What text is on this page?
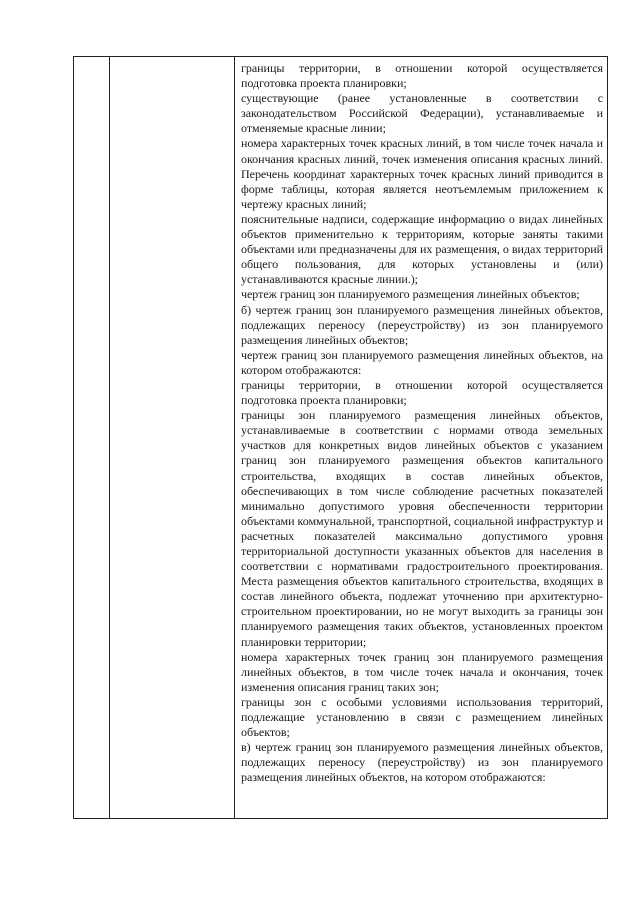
границы территории, в отношении которой осуществляется подготовка проекта планировки;

существующие (ранее установленные в соответствии с законодательством Российской Федерации), устанавливаемые и отменяемые красные линии;

номера характерных точек красных линий, в том числе точек начала и окончания красных линий, точек изменения описания красных линий. Перечень координат характерных точек красных линий приводится в форме таблицы, которая является неотъемлемым приложением к чертежу красных линий;

пояснительные надписи, содержащие информацию о видах линейных объектов применительно к территориям, которые заняты такими объектами или предназначены для их размещения, о видах территорий общего пользования, для которых установлены и (или) устанавливаются красные линии.);

чертеж границ зон планируемого размещения линейных объектов;

б) чертеж границ зон планируемого размещения линейных объектов, подлежащих переносу (переустройству) из зон планируемого размещения линейных объектов;

чертеж границ зон планируемого размещения линейных объектов, на котором отображаются:

границы территории, в отношении которой осуществляется подготовка проекта планировки;

границы зон планируемого размещения линейных объектов, устанавливаемые в соответствии с нормами отвода земельных участков для конкретных видов линейных объектов с указанием границ зон планируемого размещения объектов капитального строительства, входящих в состав линейных объектов, обеспечивающих в том числе соблюдение расчетных показателей минимально допустимого уровня обеспеченности территории объектами коммунальной, транспортной, социальной инфраструктур и расчетных показателей максимально допустимого уровня территориальной доступности указанных объектов для населения в соответствии с нормативами градостроительного проектирования. Места размещения объектов капитального строительства, входящих в состав линейного объекта, подлежат уточнению при архитектурно-строительном проектировании, но не могут выходить за границы зон планируемого размещения таких объектов, установленных проектом планировки территории;

номера характерных точек границ зон планируемого размещения линейных объектов, в том числе точек начала и окончания, точек изменения описания границ таких зон;

границы зон с особыми условиями использования территорий, подлежащие установлению в связи с размещением линейных объектов;

в) чертеж границ зон планируемого размещения линейных объектов, подлежащих переносу (переустройству) из зон планируемого размещения линейных объектов, на котором отображаются:
